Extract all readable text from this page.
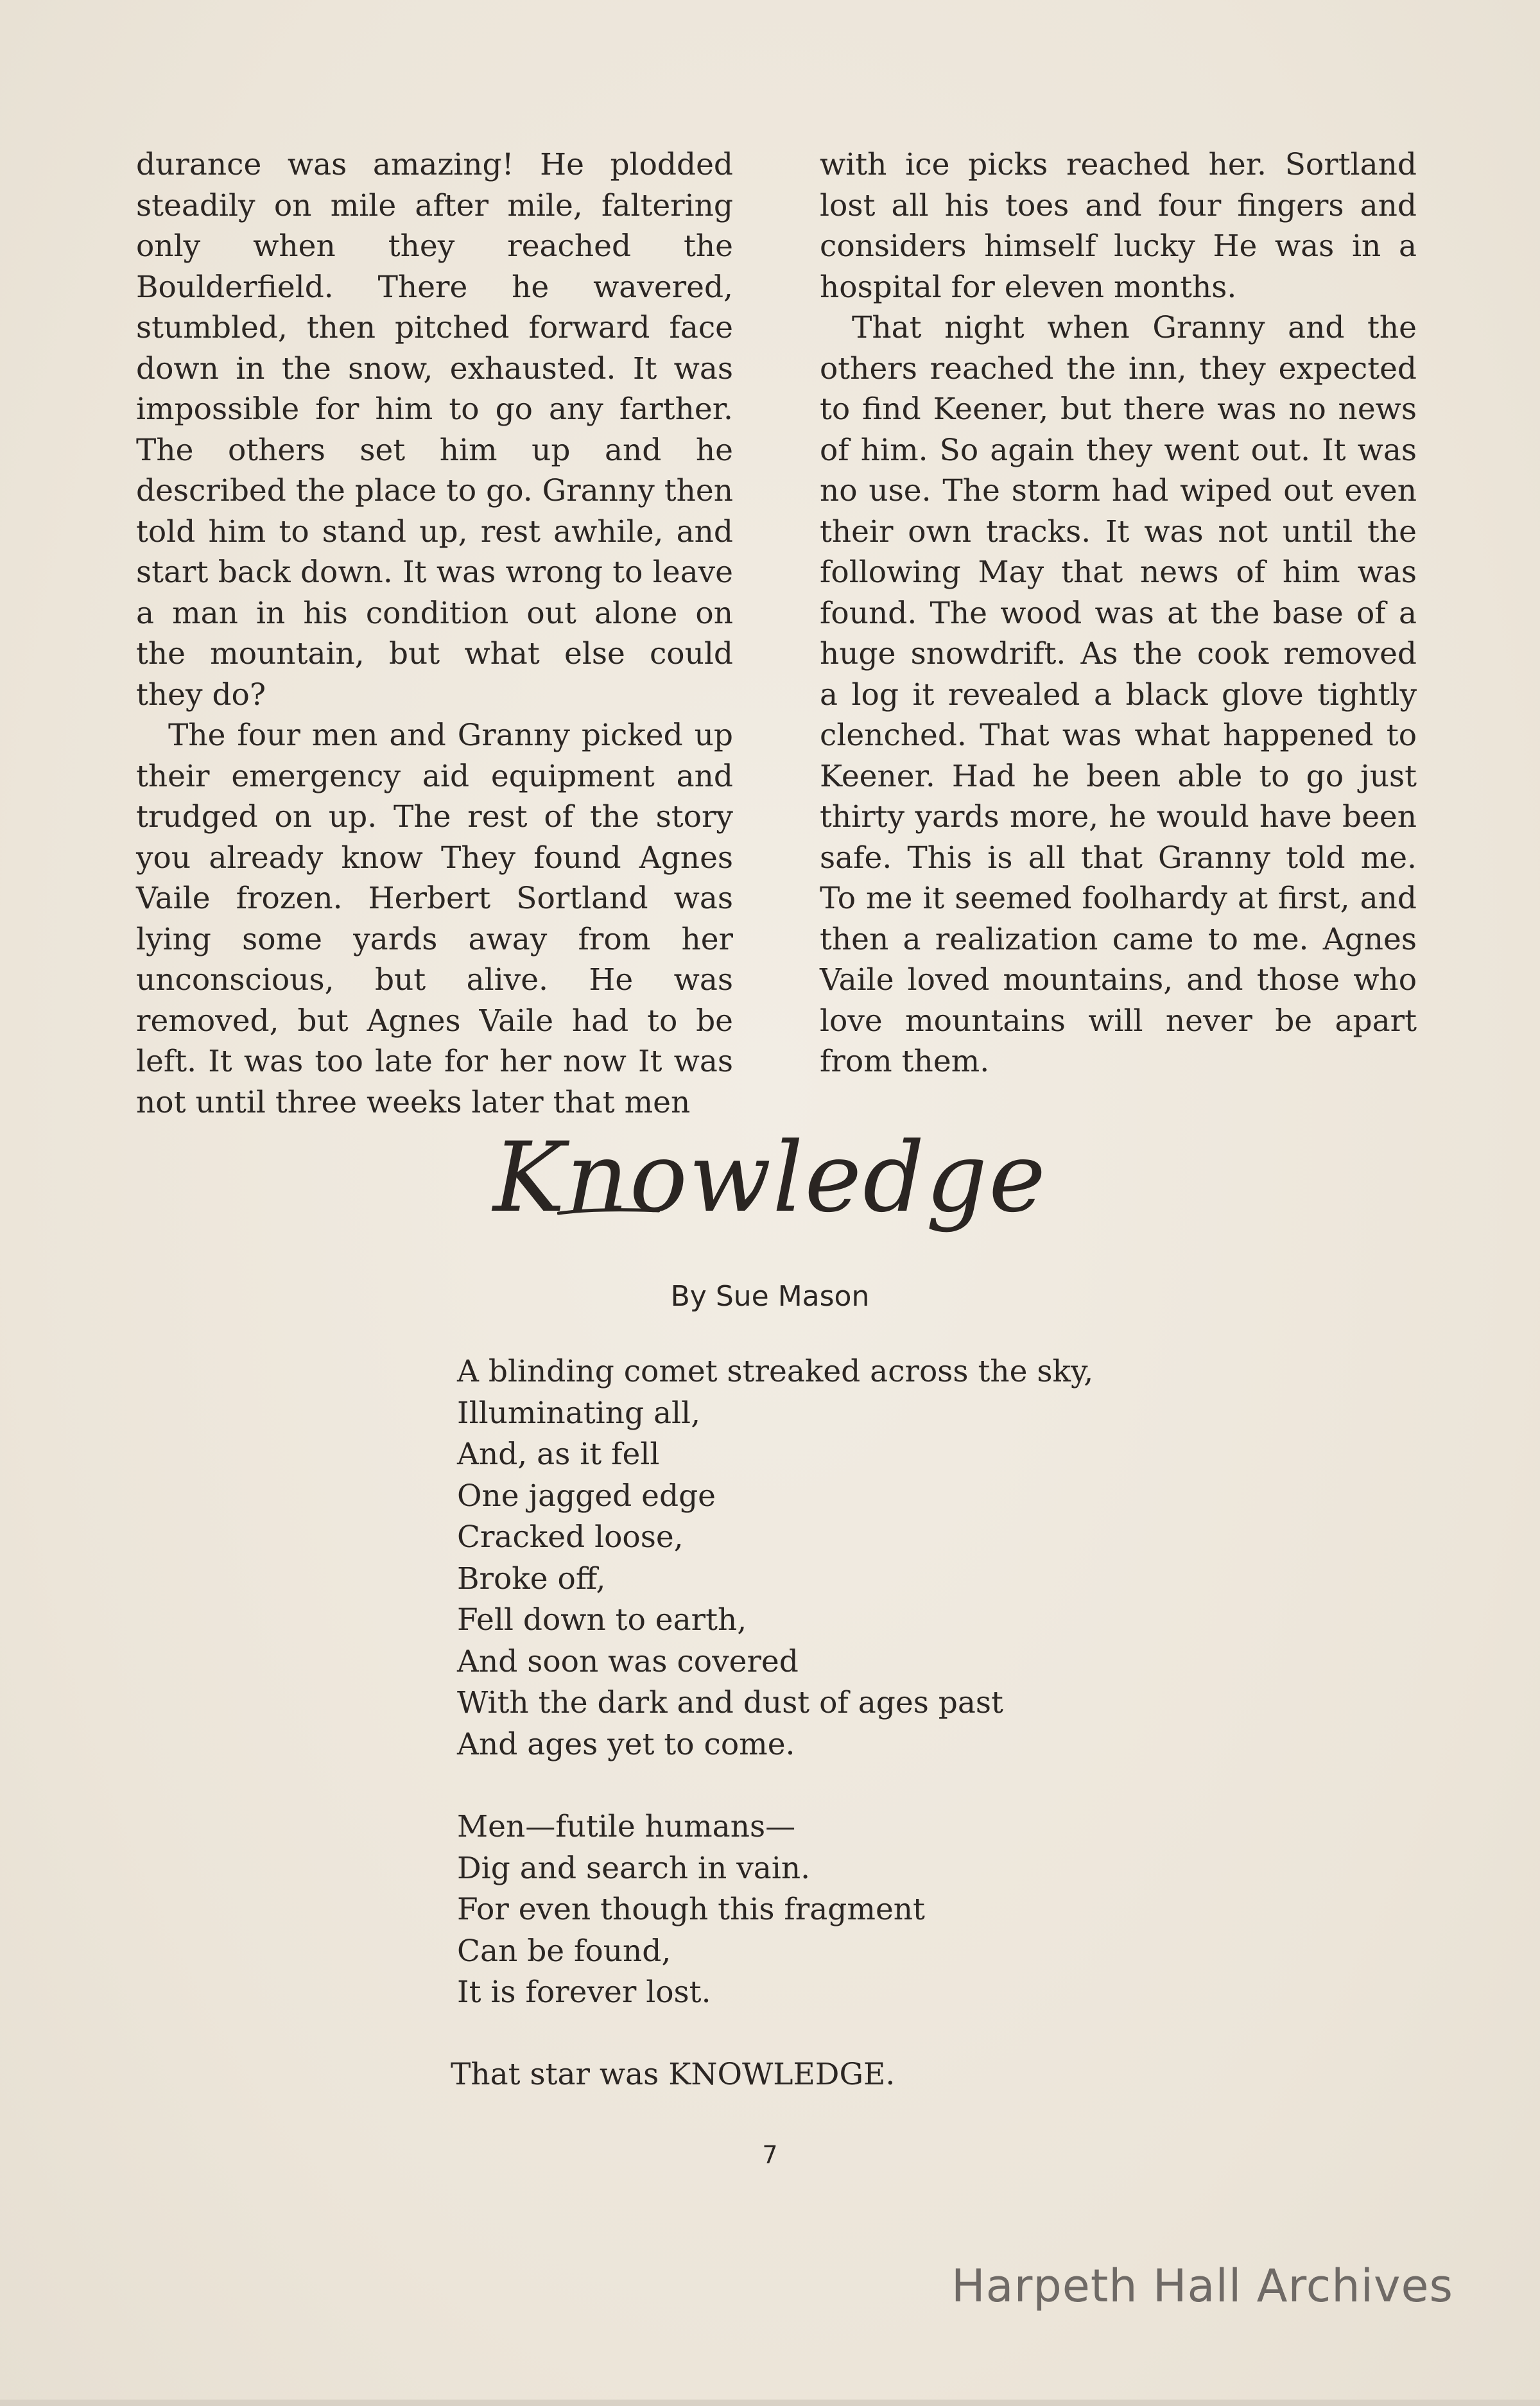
durance was amazing! He plodded steadily on mile after mile, faltering only when they reached the Boulderfield. There he wavered, stumbled, then pitched forward face down in the snow, exhausted. It was impossible for him to go any farther. The others set him up and he described the place to go. Granny then told him to stand up, rest awhile, and start back down. It was wrong to leave a man in his condition out alone on the mountain, but what else could they do?

The four men and Granny picked up their emergency aid equipment and trudged on up. The rest of the story you already know They found Agnes Vaile frozen. Herbert Sortland was lying some yards away from her unconscious, but alive. He was removed, but Agnes Vaile had to be left. It was too late for her now It was not until three weeks later that men

with ice picks reached her. Sortland lost all his toes and four fingers and considers himself lucky He was in a hospital for eleven months.

That night when Granny and the others reached the inn, they expected to find Keener, but there was no news of him. So again they went out. It was no use. The storm had wiped out even their own tracks. It was not until the following May that news of him was found. The wood was at the base of a huge snowdrift. As the cook removed a log it revealed a black glove tightly clenched. That was what happened to Keener. Had he been able to go just thirty yards more, he would have been safe. This is all that Granny told me. To me it seemed foolhardy at first, and then a realization came to me. Agnes Vaile loved mountains, and those who love mountains will never be apart from them.

Knowledge
By Sue Mason
A blinding comet streaked across the sky,
Illuminating all,
And, as it fell
One jagged edge
Cracked loose,
Broke off,
Fell down to earth,
And soon was covered
With the dark and dust of ages past
And ages yet to come.
Men—futile humans—
Dig and search in vain.
For even though this fragment
Can be found,
It is forever lost.
That star was KNOWLEDGE.
7
Harpeth Hall Archives
